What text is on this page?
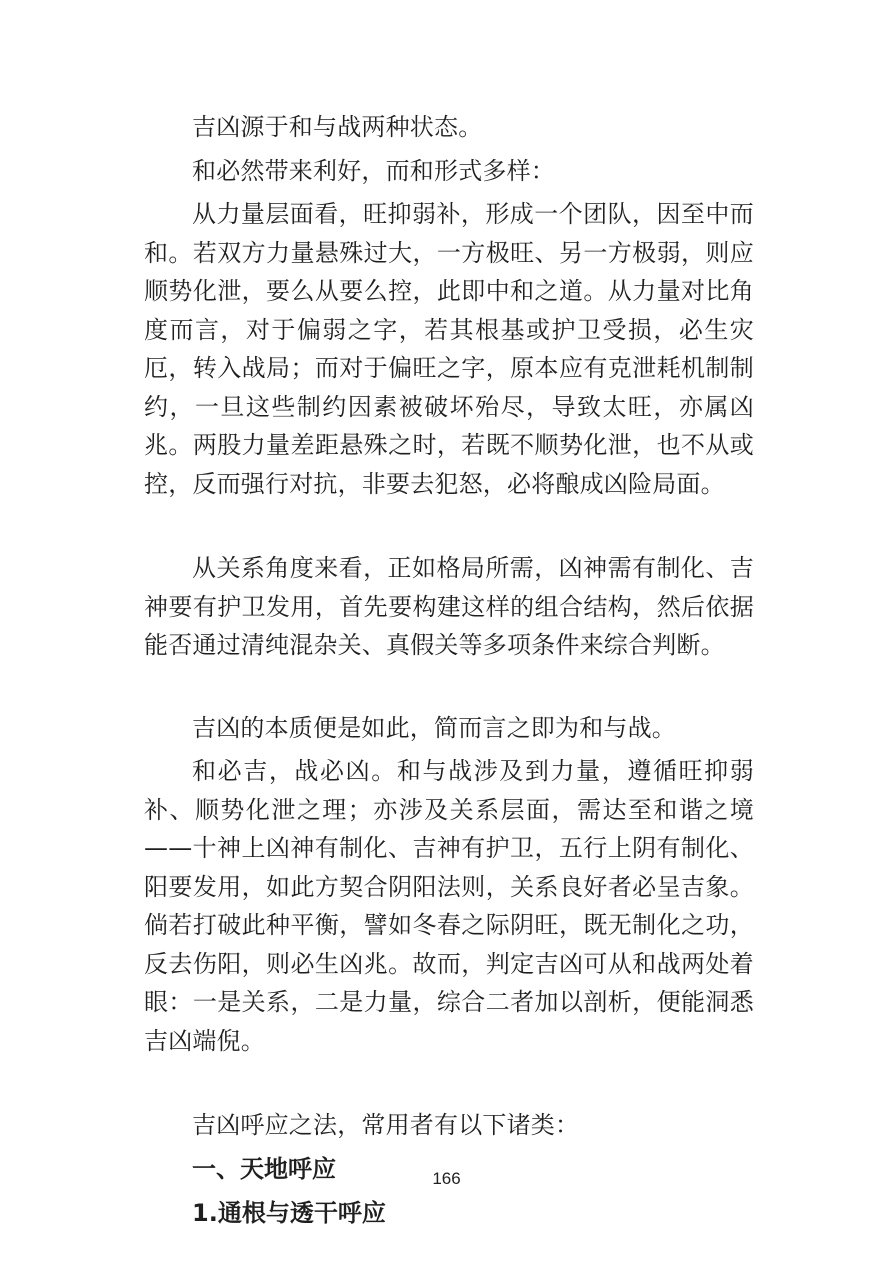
吉凶源于和与战两种状态。

和必然带来利好，而和形式多样：

从力量层面看，旺抑弱补，形成一个团队，因至中而和。若双方力量悬殊过大，一方极旺、另一方极弱，则应顺势化泄，要么从要么控，此即中和之道。从力量对比角度而言，对于偏弱之字，若其根基或护卫受损，必生灾厄，转入战局；而对于偏旺之字，原本应有克泄耗机制制约，一旦这些制约因素被破坏殆尽，导致太旺，亦属凶兆。两股力量差距悬殊之时，若既不顺势化泄，也不从或控，反而强行对抗，非要去犯怒，必将酿成凶险局面。

从关系角度来看，正如格局所需，凶神需有制化、吉神要有护卫发用，首先要构建这样的组合结构，然后依据能否通过清纯混杂关、真假关等多项条件来综合判断。

吉凶的本质便是如此，简而言之即为和与战。

和必吉，战必凶。和与战涉及到力量，遵循旺抑弱补、顺势化泄之理；亦涉及关系层面，需达至和谐之境——十神上凶神有制化、吉神有护卫，五行上阴有制化、阳要发用，如此方契合阴阳法则，关系良好者必呈吉象。倘若打破此种平衡，譬如冬春之际阴旺，既无制化之功，反去伤阳，则必生凶兆。故而，判定吉凶可从和战两处着眼：一是关系，二是力量，综合二者加以剖析，便能洞悉吉凶端倪。

吉凶呼应之法，常用者有以下诸类：

一、天地呼应

1.通根与透干呼应

166
